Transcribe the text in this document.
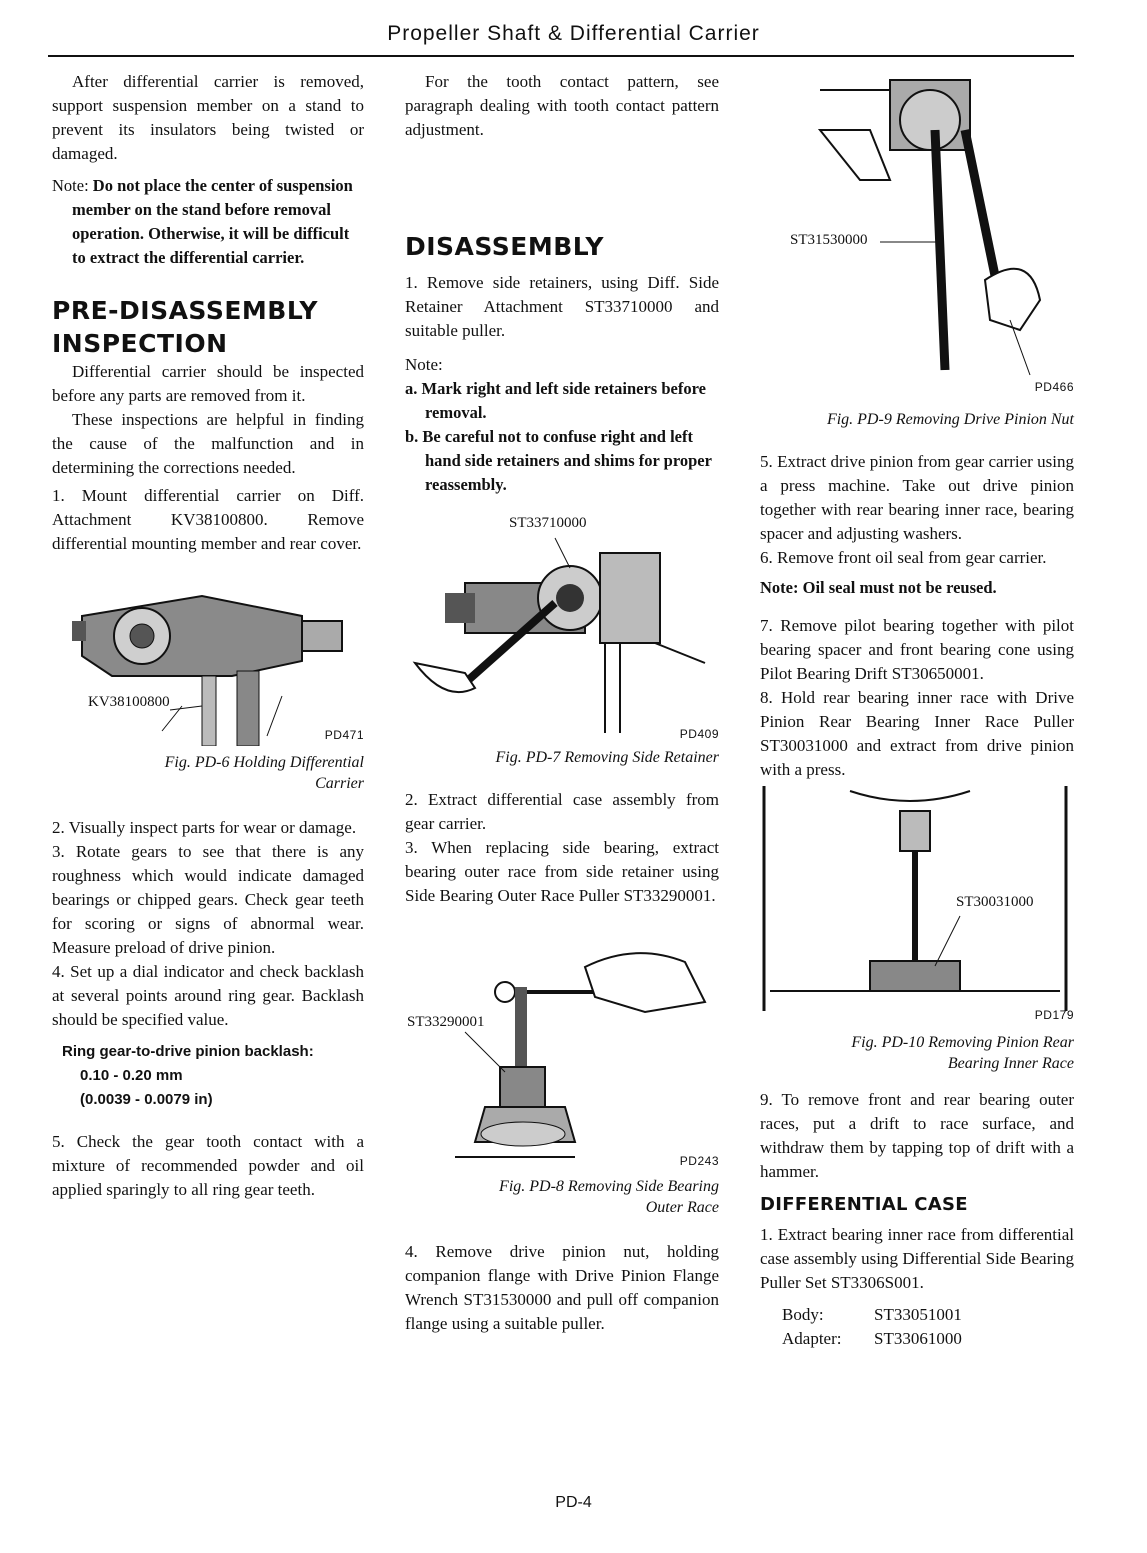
Propeller Shaft & Differential Carrier

After differential carrier is removed, support suspension member on a stand to prevent its insulators being twisted or damaged.

Note: Do not place the center of suspension member on the stand before removal operation. Otherwise, it will be difficult to extract the differential carrier.
PRE-DISASSEMBLY
INSPECTION

Differential carrier should be inspected before any parts are removed from it.

These inspections are helpful in finding the cause of the malfunction and in determining the corrections needed.

1. Mount differential carrier on Diff. Attachment KV38100800. Remove differential mounting member and rear cover.

KV38100800
PD471

Fig. PD-6 Holding Differential Carrier

2. Visually inspect parts for wear or damage.

3. Rotate gears to see that there is any roughness which would indicate damaged bearings or chipped gears. Check gear teeth for scoring or signs of abnormal wear. Measure preload of drive pinion.

4. Set up a dial indicator and check backlash at several points around ring gear. Backlash should be specified value.

Ring gear-to-drive pinion backlash:
0.10 - 0.20 mm
(0.0039 - 0.0079 in)

5. Check the gear tooth contact with a mixture of recommended powder and oil applied sparingly to all ring gear teeth.

For the tooth contact pattern, see paragraph dealing with tooth contact pattern adjustment.

DISASSEMBLY

1. Remove side retainers, using Diff. Side Retainer Attachment ST33710000 and suitable puller.

Note:

a. Mark right and left side retainers before removal.
b. Be careful not to confuse right and left hand side retainers and shims for proper reassembly.
ST33710000
PD409

Fig. PD-7 Removing Side Retainer

2. Extract differential case assembly from gear carrier.

3. When replacing side bearing, extract bearing outer race from side retainer using Side Bearing Outer Race Puller ST33290001.

ST33290001
PD243

Fig. PD-8 Removing Side Bearing Outer Race

4. Remove drive pinion nut, holding companion flange with Drive Pinion Flange Wrench ST31530000 and pull off companion flange using a suitable puller.

ST31530000
PD466

Fig. PD-9 Removing Drive Pinion Nut

5. Extract drive pinion from gear carrier using a press machine. Take out drive pinion together with rear bearing inner race, bearing spacer and adjusting washers.

6. Remove front oil seal from gear carrier.

Note: Oil seal must not be reused.

7. Remove pilot bearing together with pilot bearing spacer and front bearing cone using Pilot Bearing Drift ST30650001.

8. Hold rear bearing inner race with Drive Pinion Rear Bearing Inner Race Puller ST30031000 and extract from drive pinion with a press.

ST30031000
PD179

Fig. PD-10 Removing Pinion Rear Bearing Inner Race

9. To remove front and rear bearing outer races, put a drift to race surface, and withdraw them by tapping top of drift with a hammer.

DIFFERENTIAL CASE

1. Extract bearing inner race from differential case assembly using Differential Side Bearing Puller Set ST3306S001.

Body:	ST33051001
Adapter: ST33061000
PD-4
